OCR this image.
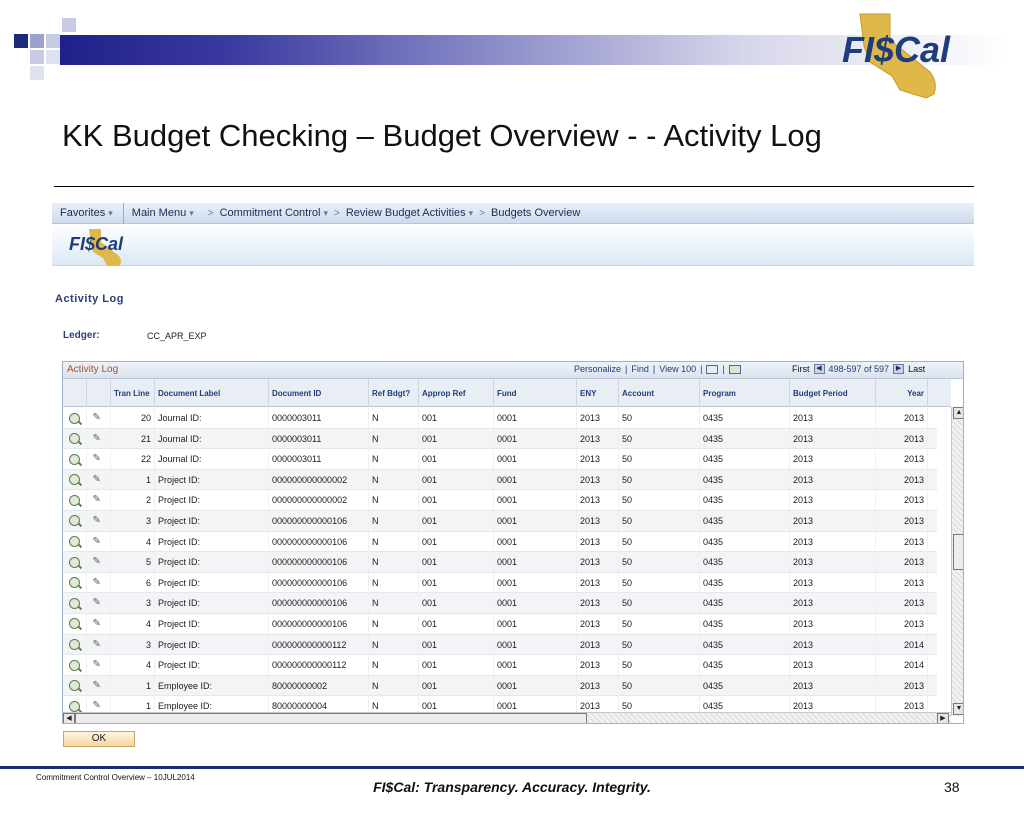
FI$Cal
KK Budget Checking – Budget Overview - - Activity Log
Favorites ▾ Main Menu ▾ > Commitment Control ▾ > Review Budget Activities ▾ > Budgets Overview
FI$Cal
Activity Log
Ledger:	CC_APR_EXP
Activity Log	Personalize | Find | View 100 | |	First ◀ 498-597 of 597 ▶ Last
Tran Line	Document Label	Document ID	Ref Bdgt?	Approp Ref	Fund	ENY	Account	Program	Budget Period	Year
✎	20 Journal ID:	0000003011	N	001	0001	2013	50	0435	2013	2013
✎	21 Journal ID:	0000003011	N	001	0001	2013	50	0435	2013	2013
✎	22 Journal ID:	0000003011	N	001	0001	2013	50	0435	2013	2013
✎	1 Project ID:	000000000000002	N	001	0001	2013	50	0435	2013	2013
✎	2 Project ID:	000000000000002	N	001	0001	2013	50	0435	2013	2013
✎	3 Project ID:	000000000000106	N	001	0001	2013	50	0435	2013	2013
✎	4 Project ID:	000000000000106	N	001	0001	2013	50	0435	2013	2013
✎	5 Project ID:	000000000000106	N	001	0001	2013	50	0435	2013	2013
✎	6 Project ID:	000000000000106	N	001	0001	2013	50	0435	2013	2013
✎	3 Project ID:	000000000000106	N	001	0001	2013	50	0435	2013	2013
✎	4 Project ID:	000000000000106	N	001	0001	2013	50	0435	2013	2013
✎	3 Project ID:	000000000000112	N	001	0001	2013	50	0435	2013	2014
✎	4 Project ID:	000000000000112	N	001	0001	2013	50	0435	2013	2014
✎	1 Employee ID:	80000000002	N	001	0001	2013	50	0435	2013	2013
✎	1 Employee ID:	80000000004	N	001	0001	2013	50	0435	2013	2013
▲
▼
◀	▶
OK
Commitment Control Overview – 10JUL2014
FI$Cal: Transparency. Accuracy. Integrity.	38
